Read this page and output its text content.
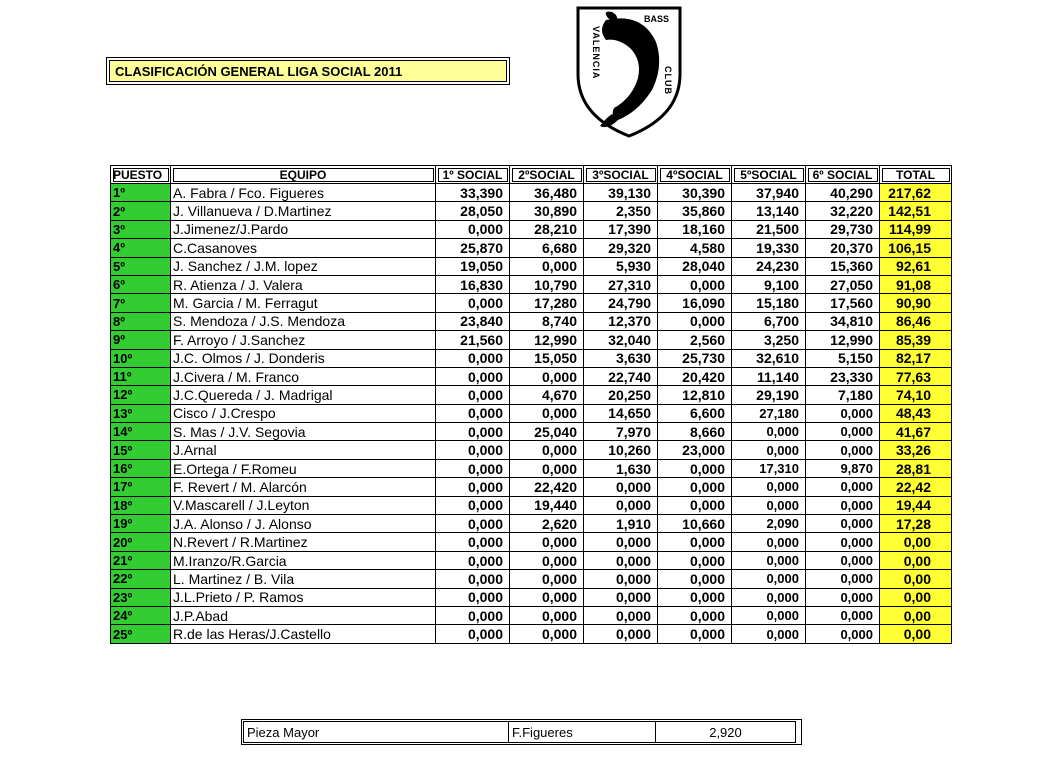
CLASIFICACIÓN GENERAL LIGA SOCIAL 2011
BASS
VALENCIA
CLUB
PUESTO	EQUIPO	1º SOCIAL	2ºSOCIAL	3ºSOCIAL	4ºSOCIAL	5ºSOCIAL	6º SOCIAL	TOTAL
1º	A. Fabra / Fco. Figueres	33,390	36,480	39,130	30,390	37,940	40,290	217,62
2º	J. Villanueva / D.Martinez	28,050	30,890	2,350	35,860	13,140	32,220	142,51
3º	J.Jimenez/J.Pardo	0,000	28,210	17,390	18,160	21,500	29,730	114,99
4º	C.Casanoves	25,870	6,680	29,320	4,580	19,330	20,370	106,15
5º	J. Sanchez / J.M. lopez	19,050	0,000	5,930	28,040	24,230	15,360	92,61
6º	R. Atienza / J. Valera	16,830	10,790	27,310	0,000	9,100	27,050	91,08
7º	M. Garcia / M. Ferragut	0,000	17,280	24,790	16,090	15,180	17,560	90,90
8º	S. Mendoza / J.S. Mendoza	23,840	8,740	12,370	0,000	6,700	34,810	86,46
9º	F. Arroyo / J.Sanchez	21,560	12,990	32,040	2,560	3,250	12,990	85,39
10º	J.C. Olmos / J. Donderis	0,000	15,050	3,630	25,730	32,610	5,150	82,17
11º	J.Civera / M. Franco	0,000	0,000	22,740	20,420	11,140	23,330	77,63
12º	J.C.Quereda / J. Madrigal	0,000	4,670	20,250	12,810	29,190	7,180	74,10
13º	Cisco / J.Crespo	0,000	0,000	14,650	6,600	27,180	0,000	48,43
14º	S. Mas / J.V. Segovia	0,000	25,040	7,970	8,660	0,000	0,000	41,67
15º	J.Arnal	0,000	0,000	10,260	23,000	0,000	0,000	33,26
16º	E.Ortega / F.Romeu	0,000	0,000	1,630	0,000	17,310	9,870	28,81
17º	F. Revert / M. Alarcón	0,000	22,420	0,000	0,000	0,000	0,000	22,42
18º	V.Mascarell / J.Leyton	0,000	19,440	0,000	0,000	0,000	0,000	19,44
19º	J.A. Alonso / J. Alonso	0,000	2,620	1,910	10,660	2,090	0,000	17,28
20º	N.Revert / R.Martinez	0,000	0,000	0,000	0,000	0,000	0,000	0,00
21º	M.Iranzo/R.Garcia	0,000	0,000	0,000	0,000	0,000	0,000	0,00
22º	L. Martinez / B. Vila	0,000	0,000	0,000	0,000	0,000	0,000	0,00
23º	J.L.Prieto / P. Ramos	0,000	0,000	0,000	0,000	0,000	0,000	0,00
24º	J.P.Abad	0,000	0,000	0,000	0,000	0,000	0,000	0,00
25º	R.de las Heras/J.Castello	0,000	0,000	0,000	0,000	0,000	0,000	0,00
Pieza Mayor	F.Figueres	2,920
